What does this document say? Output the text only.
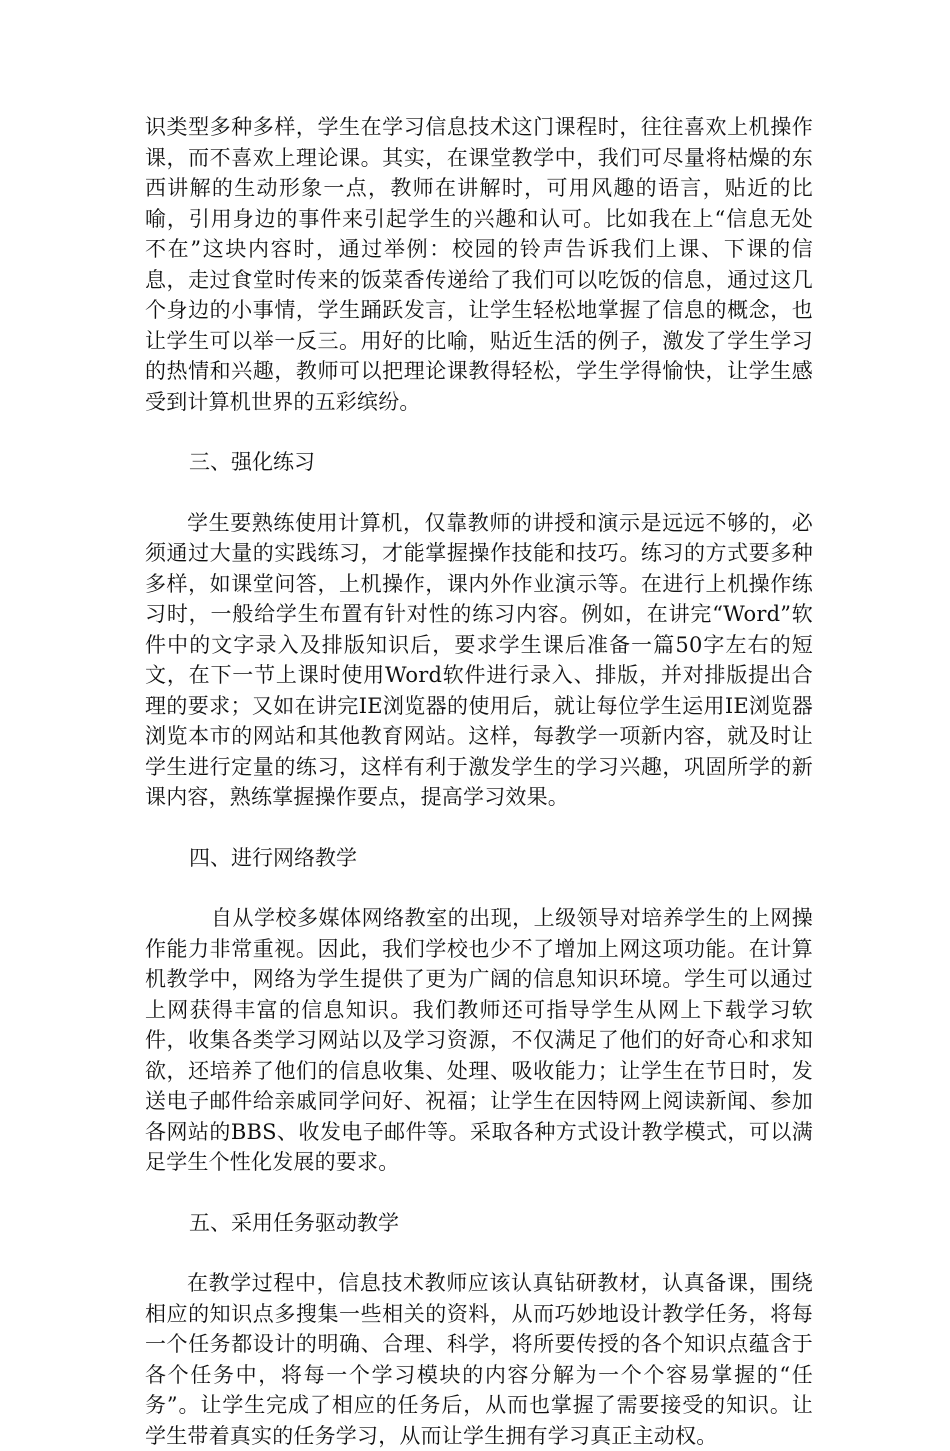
识类型多种多样，学生在学习信息技术这门课程时，往往喜欢上机操作课，而不喜欢上理论课。其实，在课堂教学中，我们可尽量将枯燥的东西讲解的生动形象一点，教师在讲解时，可用风趣的语言，贴近的比喻，引用身边的事件来引起学生的兴趣和认可。比如我在上“信息无处不在”这块内容时，通过举例：校园的铃声告诉我们上课、下课的信息，走过食堂时传来的饭菜香传递给了我们可以吃饭的信息，通过这几个身边的小事情，学生踊跃发言，让学生轻松地掌握了信息的概念，也让学生可以举一反三。用好的比喻，贴近生活的例子，激发了学生学习的热情和兴趣，教师可以把理论课教得轻松，学生学得愉快，让学生感受到计算机世界的五彩缤纷。

三、强化练习

学生要熟练使用计算机，仅靠教师的讲授和演示是远远不够的，必须通过大量的实践练习，才能掌握操作技能和技巧。练习的方式要多种多样，如课堂问答，上机操作，课内外作业演示等。在进行上机操作练习时，一般给学生布置有针对性的练习内容。例如，在讲完“Word”软件中的文字录入及排版知识后，要求学生课后准备一篇50字左右的短文，在下一节上课时使用Word软件进行录入、排版，并对排版提出合理的要求；又如在讲完IE浏览器的使用后，就让每位学生运用IE浏览器浏览本市的网站和其他教育网站。这样，每教学一项新内容，就及时让学生进行定量的练习，这样有利于激发学生的学习兴趣，巩固所学的新课内容，熟练掌握操作要点，提高学习效果。

四、进行网络教学

自从学校多媒体网络教室的出现，上级领导对培养学生的上网操作能力非常重视。因此，我们学校也少不了增加上网这项功能。在计算机教学中，网络为学生提供了更为广阔的信息知识环境。学生可以通过上网获得丰富的信息知识。我们教师还可指导学生从网上下载学习软件，收集各类学习网站以及学习资源，不仅满足了他们的好奇心和求知欲，还培养了他们的信息收集、处理、吸收能力；让学生在节日时，发送电子邮件给亲戚同学问好、祝福；让学生在因特网上阅读新闻、参加各网站的BBS、收发电子邮件等。采取各种方式设计教学模式，可以满足学生个性化发展的要求。

五、采用任务驱动教学

在教学过程中，信息技术教师应该认真钻研教材，认真备课，围绕相应的知识点多搜集一些相关的资料，从而巧妙地设计教学任务，将每一个任务都设计的明确、合理、科学，将所要传授的各个知识点蕴含于各个任务中，将每一个学习模块的内容分解为一个个容易掌握的“任务”。让学生完成了相应的任务后，从而也掌握了需要接受的知识。让学生带着真实的任务学习，从而让学生拥有学习真正主动权。
